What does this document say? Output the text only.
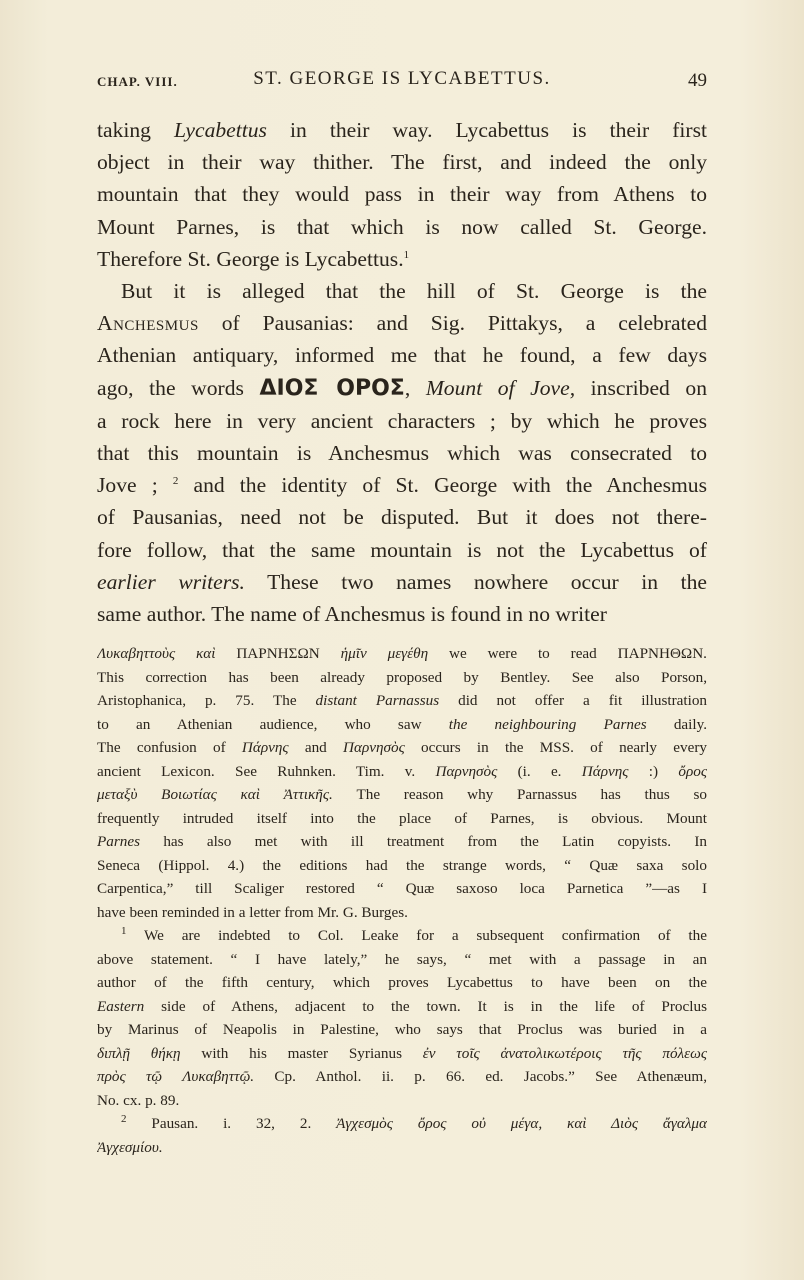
CHAP. VIII.	ST. GEORGE IS LYCABETTUS.	49
taking Lycabettus in their way. Lycabettus is their first
object in their way thither. The first, and indeed the only
mountain that they would pass in their way from Athens to
Mount Parnes, is that which is now called St. George.
Therefore St. George is Lycabettus.$^1$
But it is alleged that the hill of St. George is the
Anchesmus of Pausanias: and Sig. Pittakys, a celebrated
Athenian antiquary, informed me that he found, a few days
ago, the words ΔΙΟΣ ΟΡΟΣ, Mount of Jove, inscribed on
a rock here in very ancient characters ; by which he proves
that this mountain is Anchesmus which was consecrated to
Jove ; $^2$ and the identity of St. George with the Anchesmus
of Pausanias, need not be disputed. But it does not there-
fore follow, that the same mountain is not the Lycabettus of
earlier writers. These two names nowhere occur in the
same author. The name of Anchesmus is found in no writer
Λυκαβηττοὺς καὶ ΠΑΡΝΗΣΩΝ ἡμῖν μεγέθη we were to read ΠΑΡΝΗΘΩΝ.
This correction has been already proposed by Bentley. See also Porson,
Aristophanica, p. 75. The distant Parnassus did not offer a fit illustration
to an Athenian audience, who saw the neighbouring Parnes daily.
The confusion of Πάρνης and Παρνησὸς occurs in the MSS. of nearly every
ancient Lexicon. See Ruhnken. Tim. v. Παρνησὸς (i. e. Πάρνης :) ὄρος
μεταξὺ Βοιωτίας καὶ Ἀττικῆς. The reason why Parnassus has thus so
frequently intruded itself into the place of Parnes, is obvious. Mount
Parnes has also met with ill treatment from the Latin copyists. In
Seneca (Hippol. 4.) the editions had the strange words, “ Quæ saxa solo
Carpentica,” till Scaliger restored “ Quæ saxoso loca Parnetica ”—as I
have been reminded in a letter from Mr. G. Burges.
$^1$ We are indebted to Col. Leake for a subsequent confirmation of the
above statement. “ I have lately,” he says, “ met with a passage in an
author of the fifth century, which proves Lycabettus to have been on the
Eastern side of Athens, adjacent to the town. It is in the life of Proclus
by Marinus of Neapolis in Palestine, who says that Proclus was buried in a
διπλῇ θήκῃ with his master Syrianus ἐν τοῖς ἀνατολικωτέροις τῆς πόλεως
πρὸς τῷ Λυκαβηττῷ. Cp. Anthol. ii. p. 66. ed. Jacobs.” See Athenæum,
No. cx. p. 89.
$^2$ Pausan. i. 32, 2. Ἀγχεσμὸς ὄρος οὐ μέγα, καὶ Διὸς ἄγαλμα
Ἀγχεσμίου.
